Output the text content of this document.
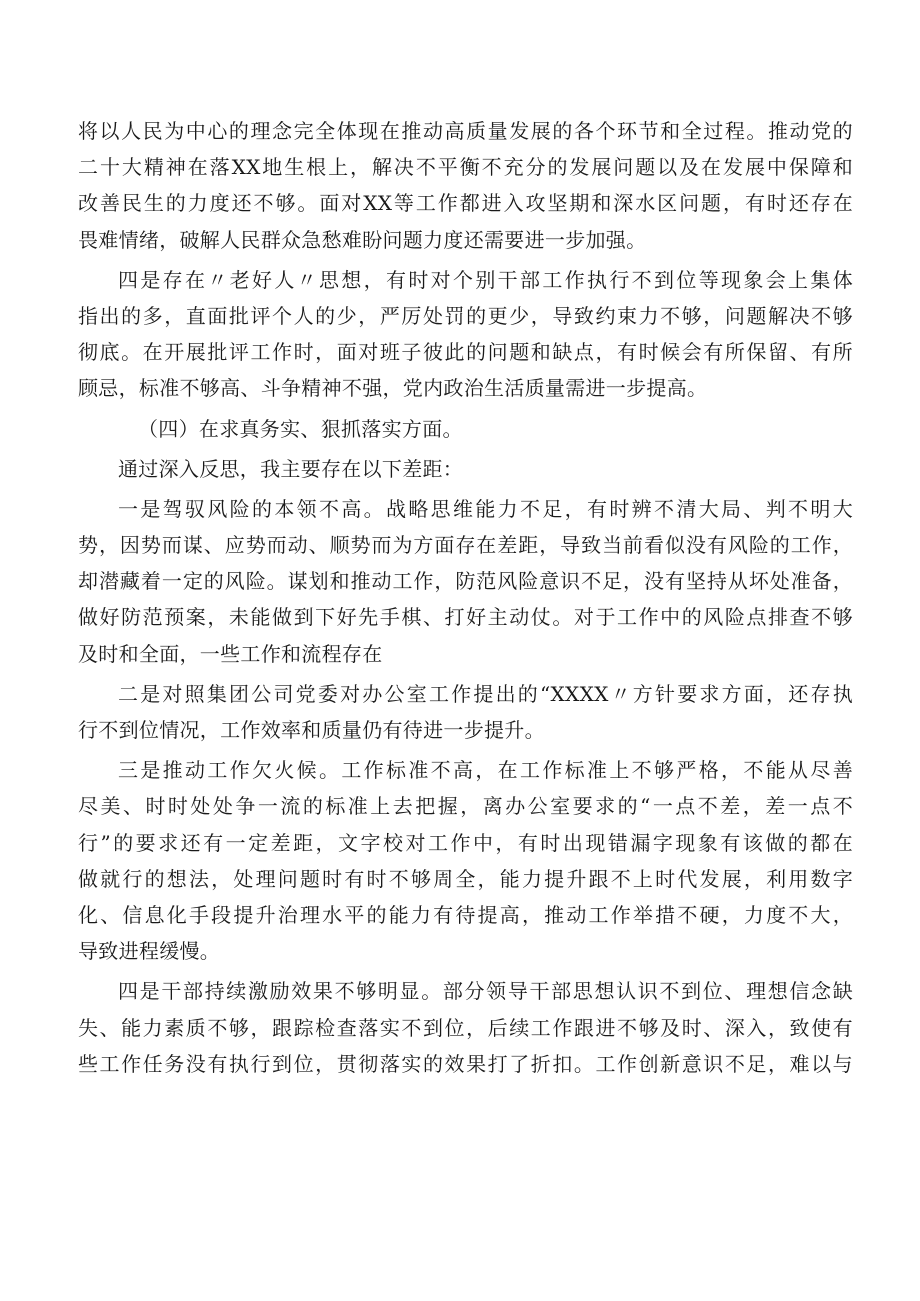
将以人民为中心的理念完全体现在推动高质量发展的各个环节和全过程。推动党的
二十大精神在落XX地生根上，解决不平衡不充分的发展问题以及在发展中保障和
改善民生的力度还不够。面对XX等工作都进入攻坚期和深水区问题，有时还存在
畏难情绪，破解人民群众急愁难盼问题力度还需要进一步加强。
四是存在〃老好人〃思想，有时对个别干部工作执行不到位等现象会上集体
指出的多，直面批评个人的少，严厉处罚的更少，导致约束力不够，问题解决不够
彻底。在开展批评工作时，面对班子彼此的问题和缺点，有时候会有所保留、有所
顾忌，标准不够高、斗争精神不强，党内政治生活质量需进一步提高。
（四）在求真务实、狠抓落实方面。
通过深入反思，我主要存在以下差距：
一是驾驭风险的本领不高。战略思维能力不足，有时辨不清大局、判不明大
势，因势而谋、应势而动、顺势而为方面存在差距，导致当前看似没有风险的工作，
却潜藏着一定的风险。谋划和推动工作，防范风险意识不足，没有坚持从坏处准备，
做好防范预案，未能做到下好先手棋、打好主动仗。对于工作中的风险点排查不够
及时和全面，一些工作和流程存在
二是对照集团公司党委对办公室工作提出的“XXXX〃方针要求方面，还存执
行不到位情况，工作效率和质量仍有待进一步提升。
三是推动工作欠火候。工作标准不高，在工作标准上不够严格，不能从尽善
尽美、时时处处争一流的标准上去把握，离办公室要求的“一点不差，差一点不
行”的要求还有一定差距，文字校对工作中，有时出现错漏字现象有该做的都在
做就行的想法，处理问题时有时不够周全，能力提升跟不上时代发展，利用数字
化、信息化手段提升治理水平的能力有待提高，推动工作举措不硬，力度不大，
导致进程缓慢。
四是干部持续激励效果不够明显。部分领导干部思想认识不到位、理想信念缺
失、能力素质不够，跟踪检查落实不到位，后续工作跟进不够及时、深入，致使有
些工作任务没有执行到位，贯彻落实的效果打了折扣。工作创新意识不足，难以与
